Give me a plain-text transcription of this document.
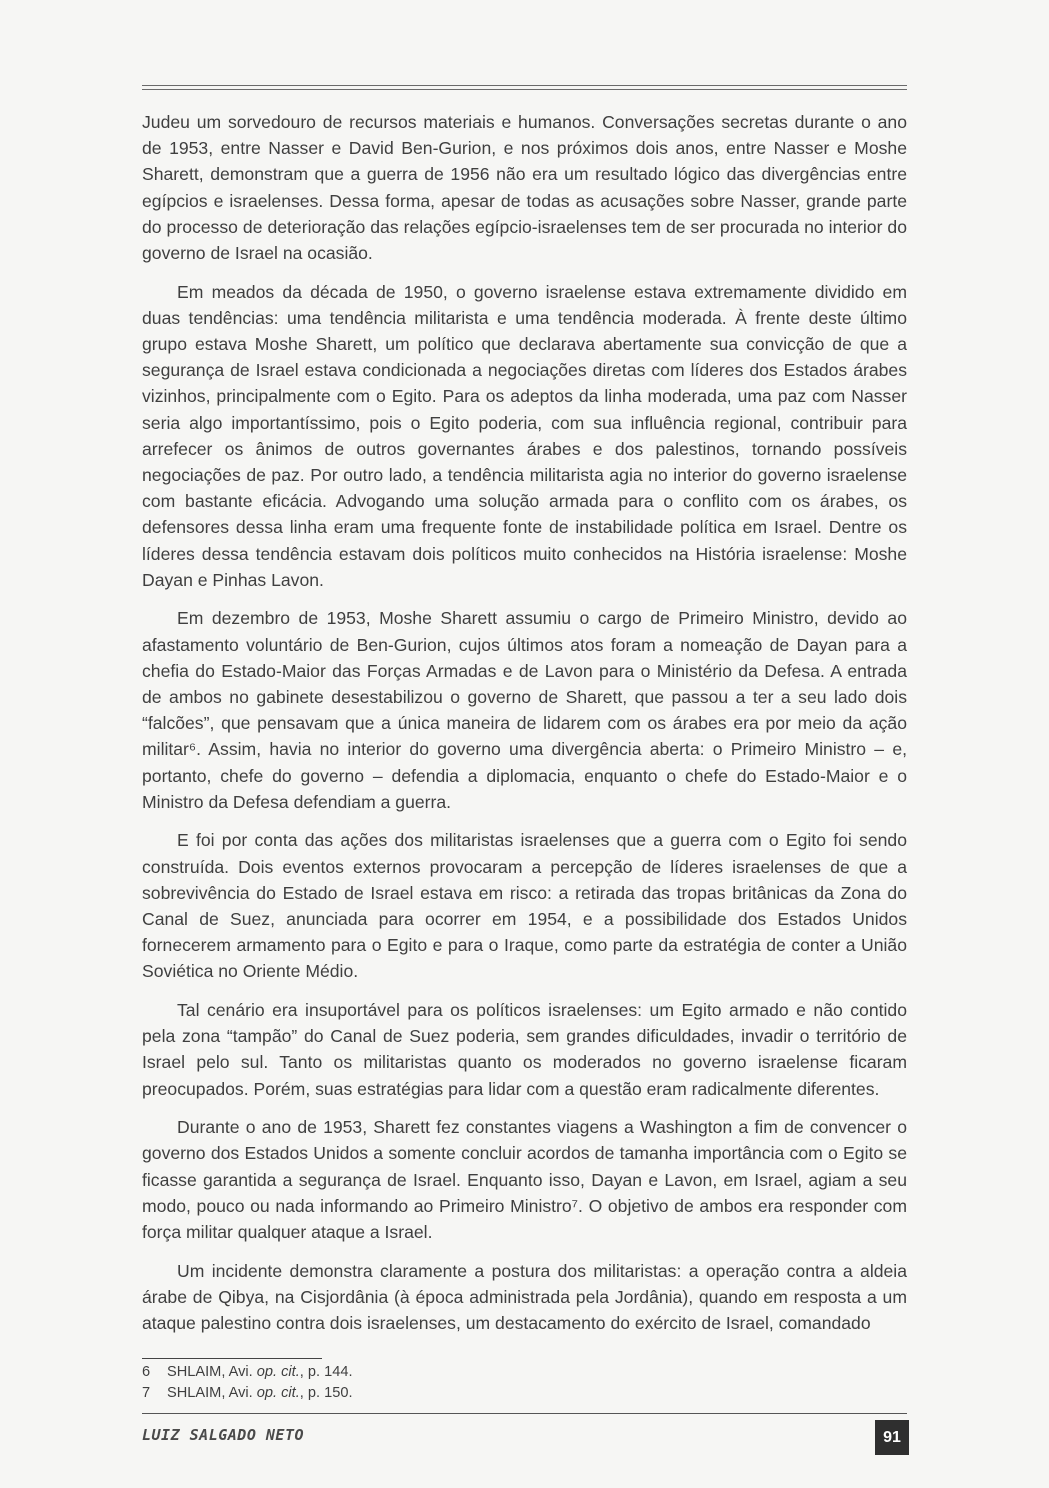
Judeu um sorvedouro de recursos materiais e humanos. Conversações secretas durante o ano de 1953, entre Nasser e David Ben-Gurion, e nos próximos dois anos, entre Nasser e Moshe Sharett, demonstram que a guerra de 1956 não era um resultado lógico das divergências entre egípcios e israelenses. Dessa forma, apesar de todas as acusações sobre Nasser, grande parte do processo de deterioração das relações egípcio-israelenses tem de ser procurada no interior do governo de Israel na ocasião.

Em meados da década de 1950, o governo israelense estava extremamente dividido em duas tendências: uma tendência militarista e uma tendência moderada. À frente deste último grupo estava Moshe Sharett, um político que declarava abertamente sua convicção de que a segurança de Israel estava condicionada a negociações diretas com líderes dos Estados árabes vizinhos, principalmente com o Egito. Para os adeptos da linha moderada, uma paz com Nasser seria algo importantíssimo, pois o Egito poderia, com sua influência regional, contribuir para arrefecer os ânimos de outros governantes árabes e dos palestinos, tornando possíveis negociações de paz. Por outro lado, a tendência militarista agia no interior do governo israelense com bastante eficácia. Advogando uma solução armada para o conflito com os árabes, os defensores dessa linha eram uma frequente fonte de instabilidade política em Israel. Dentre os líderes dessa tendência estavam dois políticos muito conhecidos na História israelense: Moshe Dayan e Pinhas Lavon.

Em dezembro de 1953, Moshe Sharett assumiu o cargo de Primeiro Ministro, devido ao afastamento voluntário de Ben-Gurion, cujos últimos atos foram a nomeação de Dayan para a chefia do Estado-Maior das Forças Armadas e de Lavon para o Ministério da Defesa. A entrada de ambos no gabinete desestabilizou o governo de Sharett, que passou a ter a seu lado dois “falcões”, que pensavam que a única maneira de lidarem com os árabes era por meio da ação militar⁶. Assim, havia no interior do governo uma divergência aberta: o Primeiro Ministro – e, portanto, chefe do governo – defendia a diplomacia, enquanto o chefe do Estado-Maior e o Ministro da Defesa defendiam a guerra.

E foi por conta das ações dos militaristas israelenses que a guerra com o Egito foi sendo construída. Dois eventos externos provocaram a percepção de líderes israelenses de que a sobrevivência do Estado de Israel estava em risco: a retirada das tropas britânicas da Zona do Canal de Suez, anunciada para ocorrer em 1954, e a possibilidade dos Estados Unidos fornecerem armamento para o Egito e para o Iraque, como parte da estratégia de conter a União Soviética no Oriente Médio.

Tal cenário era insuportável para os políticos israelenses: um Egito armado e não contido pela zona “tampão” do Canal de Suez poderia, sem grandes dificuldades, invadir o território de Israel pelo sul. Tanto os militaristas quanto os moderados no governo israelense ficaram preocupados. Porém, suas estratégias para lidar com a questão eram radicalmente diferentes.

Durante o ano de 1953, Sharett fez constantes viagens a Washington a fim de convencer o governo dos Estados Unidos a somente concluir acordos de tamanha importância com o Egito se ficasse garantida a segurança de Israel. Enquanto isso, Dayan e Lavon, em Israel, agiam a seu modo, pouco ou nada informando ao Primeiro Ministro⁷. O objetivo de ambos era responder com força militar qualquer ataque a Israel.

Um incidente demonstra claramente a postura dos militaristas: a operação contra a aldeia árabe de Qibya, na Cisjordânia (à época administrada pela Jordânia), quando em resposta a um ataque palestino contra dois israelenses, um destacamento do exército de Israel, comandado

6	SHLAIM, Avi. op. cit., p. 144.
7	SHLAIM, Avi. op. cit., p. 150.
LUIZ SALGADO NETO	91
